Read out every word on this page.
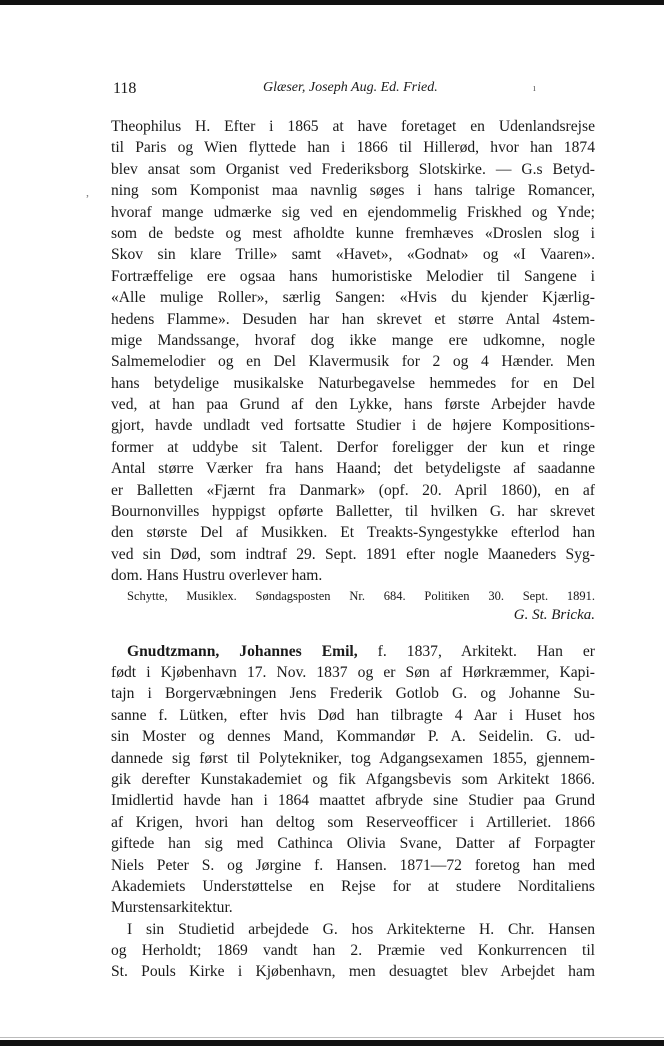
118	Glæser, Joseph Aug. Ed. Fried.	ı
,
Theophilus H. Efter i 1865 at have foretaget en Udenlandsrejse
til Paris og Wien flyttede han i 1866 til Hillerød, hvor han 1874
blev ansat som Organist ved Frederiksborg Slotskirke. — G.s Betyd-
ning som Komponist maa navnlig søges i hans talrige Romancer,
hvoraf mange udmærke sig ved en ejendommelig Friskhed og Ynde;
som de bedste og mest afholdte kunne fremhæves «Droslen slog i
Skov sin klare Trille» samt «Havet», «Godnat» og «I Vaaren».
Fortræffelige ere ogsaa hans humoristiske Melodier til Sangene i
«Alle mulige Roller», særlig Sangen: «Hvis du kjender Kjærlig-
hedens Flamme». Desuden har han skrevet et større Antal 4stem-
mige Mandssange, hvoraf dog ikke mange ere udkomne, nogle
Salmemelodier og en Del Klavermusik for 2 og 4 Hænder. Men
hans betydelige musikalske Naturbegavelse hemmedes for en Del
ved, at han paa Grund af den Lykke, hans første Arbejder havde
gjort, havde undladt ved fortsatte Studier i de højere Kompositions-
former at uddybe sit Talent. Derfor foreligger der kun et ringe
Antal større Værker fra hans Haand; det betydeligste af saadanne
er Balletten «Fjærnt fra Danmark» (opf. 20. April 1860), en af
Bournonvilles hyppigst opførte Balletter, til hvilken G. har skrevet
den største Del af Musikken. Et Treakts-Syngestykke efterlod han
ved sin Død, som indtraf 29. Sept. 1891 efter nogle Maaneders Syg-
dom. Hans Hustru overlever ham.
Schytte, Musiklex. Søndagsposten Nr. 684. Politiken 30. Sept. 1891.
G. St. Bricka.
Gnudtzmann, Johannes Emil, f. 1837, Arkitekt. Han er
født i Kjøbenhavn 17. Nov. 1837 og er Søn af Hørkræmmer, Kapi-
tajn i Borgervæbningen Jens Frederik Gotlob G. og Johanne Su-
sanne f. Lütken, efter hvis Død han tilbragte 4 Aar i Huset hos
sin Moster og dennes Mand, Kommandør P. A. Seidelin. G. ud-
dannede sig først til Polytekniker, tog Adgangsexamen 1855, gjennem-
gik derefter Kunstakademiet og fik Afgangsbevis som Arkitekt 1866.
Imidlertid havde han i 1864 maattet afbryde sine Studier paa Grund
af Krigen, hvori han deltog som Reserveofficer i Artilleriet. 1866
giftede han sig med Cathinca Olivia Svane, Datter af Forpagter
Niels Peter S. og Jørgine f. Hansen. 1871—72 foretog han med
Akademiets Understøttelse en Rejse for at studere Norditaliens
Murstensarkitektur.
I sin Studietid arbejdede G. hos Arkitekterne H. Chr. Hansen
og Herholdt; 1869 vandt han 2. Præmie ved Konkurrencen til
St. Pouls Kirke i Kjøbenhavn, men desuagtet blev Arbejdet ham
